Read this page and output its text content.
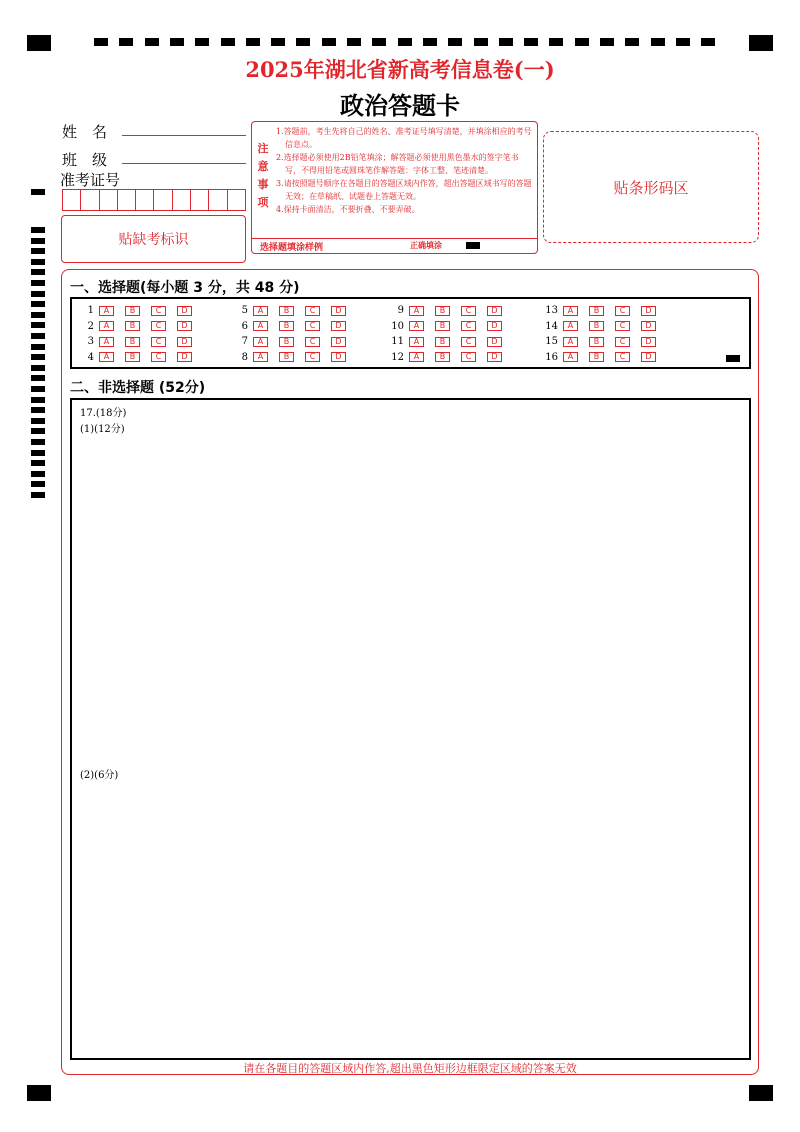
2025年湖北省新高考信息卷(一)
政治答题卡
姓　名
班　级
准考证号
贴缺考标识
注意事项

1.答题前，考生先将自己的姓名、准考证号填写清楚，并填涂相应的考号信息点。

2.选择题必须使用2B铅笔填涂；解答题必须使用黑色墨水的签字笔书写，不得用铅笔或圆珠笔作解答题：字体工整、笔迹清楚。

3.请按照题号顺序在各题目的答题区域内作答，超出答题区域书写的答题无效；在草稿纸、试题卷上答题无效。

4.保持卡面清洁，不要折叠、不要弄破。

选择题填涂样例	正确填涂
贴条形码区
一、选择题(每小题 3 分，共 48 分)
1	A	B	C	D
2	A	B	C	D
3	A	B	C	D
4	A	B	C	D
5	A	B	C	D
6	A	B	C	D
7	A	B	C	D
8	A	B	C	D
9	A	B	C	D
10	A	B	C	D
11	A	B	C	D
12	A	B	C	D
13	A	B	C	D
14	A	B	C	D
15	A	B	C	D
16	A	B	C	D
二、非选择题 (52分)
17.(18分)
(1)(12分)
(2)(6分)
请在各题目的答题区域内作答,超出黑色矩形边框限定区域的答案无效
